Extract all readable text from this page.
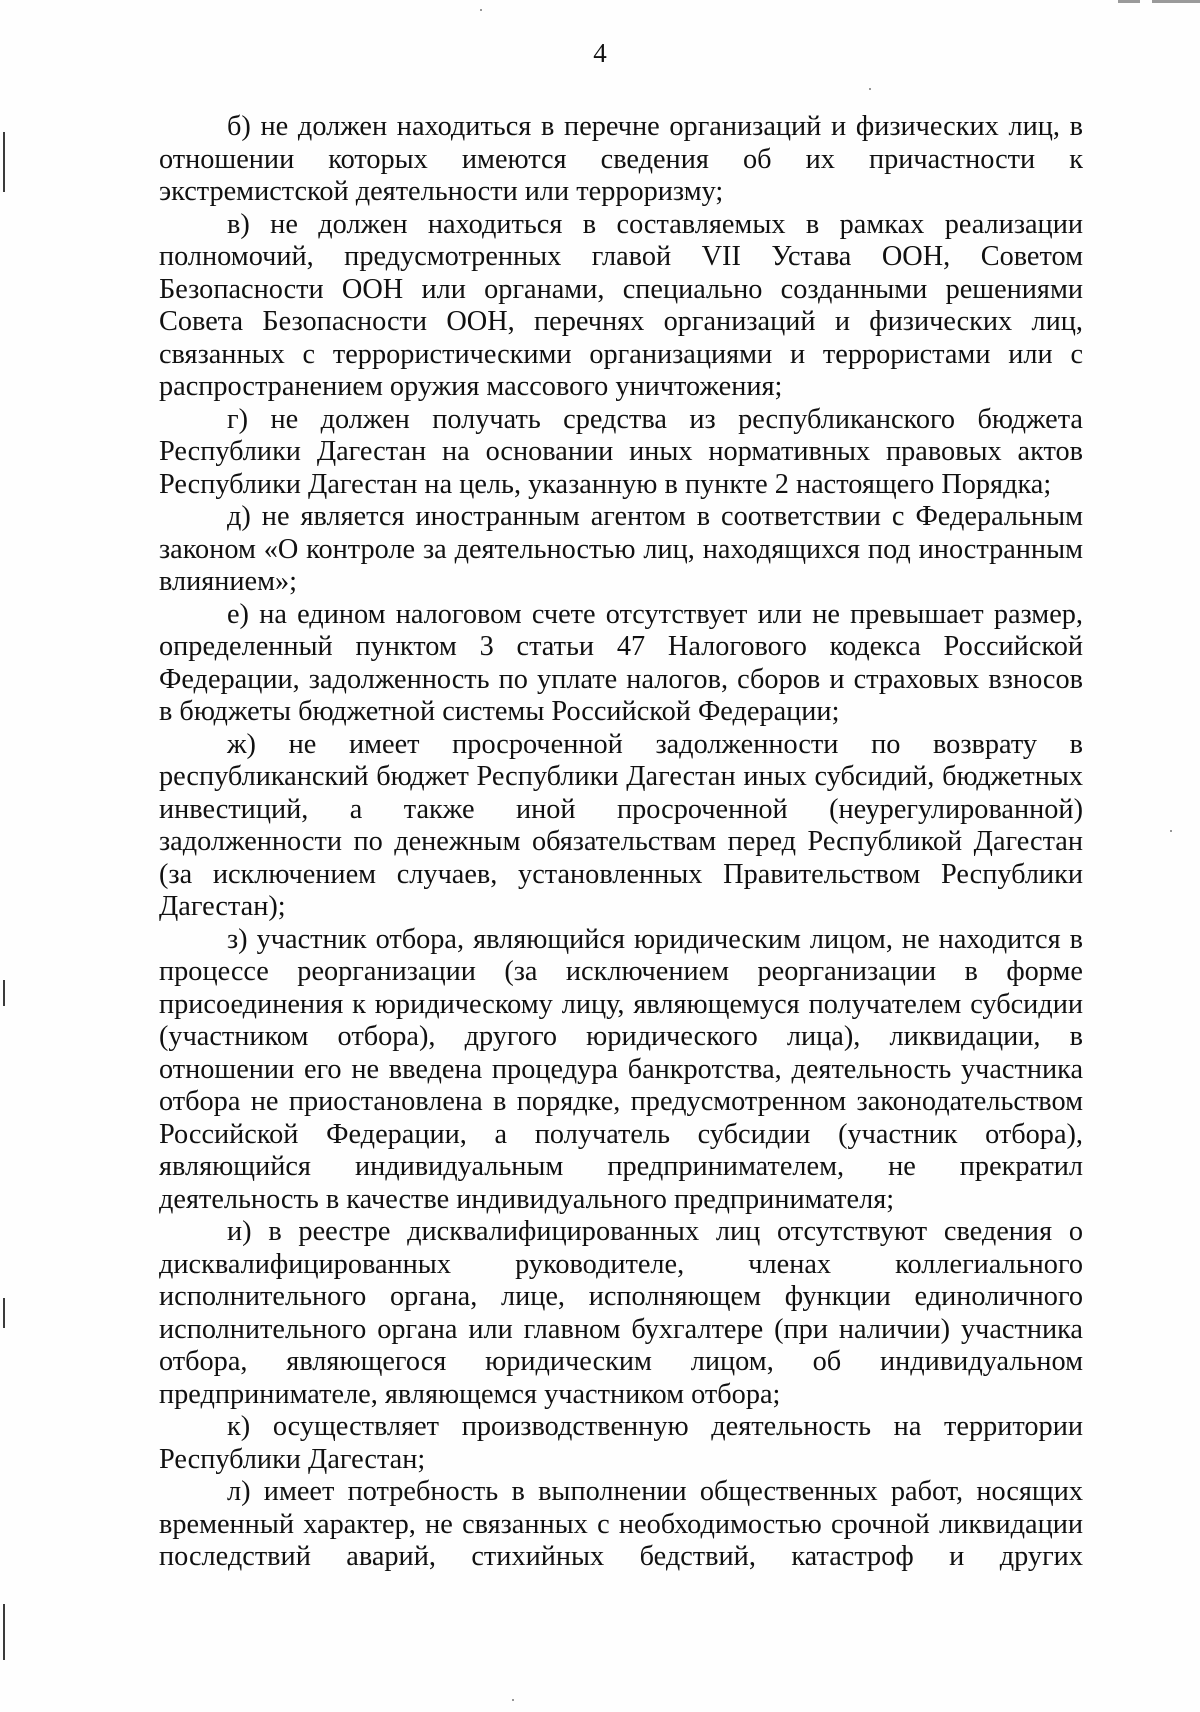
4

б) не должен находиться в перечне организаций и физических лиц, в отношении которых имеются сведения об их причастности к экстремистской деятельности или терроризму;

в) не должен находиться в составляемых в рамках реализации полномочий, предусмотренных главой VII Устава ООН, Советом Безопасности ООН или органами, специально созданными решениями Совета Безопасности ООН, перечнях организаций и физических лиц, связанных с террористическими организациями и террористами или с распространением оружия массового уничтожения;

г) не должен получать средства из республиканского бюджета Республики Дагестан на основании иных нормативных правовых актов Республики Дагестан на цель, указанную в пункте 2 настоящего Порядка;

д) не является иностранным агентом в соответствии с Федеральным законом «О контроле за деятельностью лиц, находящихся под иностранным влиянием»;

е) на едином налоговом счете отсутствует или не превышает размер, определенный пунктом 3 статьи 47 Налогового кодекса Российской Федерации, задолженность по уплате налогов, сборов и страховых взносов в бюджеты бюджетной системы Российской Федерации;

ж) не имеет просроченной задолженности по возврату в республиканский бюджет Республики Дагестан иных субсидий, бюджетных инвестиций, а также иной просроченной (неурегулированной) задолженности по денежным обязательствам перед Республикой Дагестан (за исключением случаев, установленных Правительством Республики Дагестан);

з) участник отбора, являющийся юридическим лицом, не находится в процессе реорганизации (за исключением реорганизации в форме присоединения к юридическому лицу, являющемуся получателем субсидии (участником отбора), другого юридического лица), ликвидации, в отношении его не введена процедура банкротства, деятельность участника отбора не приостановлена в порядке, предусмотренном законодательством Российской Федерации, а получатель субсидии (участник отбора), являющийся индивидуальным предпринимателем, не прекратил деятельность в качестве индивидуального предпринимателя;

и) в реестре дисквалифицированных лиц отсутствуют сведения о дисквалифицированных руководителе, членах коллегиального исполнительного органа, лице, исполняющем функции единоличного исполнительного органа или главном бухгалтере (при наличии) участника отбора, являющегося юридическим лицом, об индивидуальном предпринимателе, являющемся участником отбора;

к) осуществляет производственную деятельность на территории Республики Дагестан;

л) имеет потребность в выполнении общественных работ, носящих временный характер, не связанных с необходимостью срочной ликвидации

последствий аварий, стихийных бедствий, катастроф и других
